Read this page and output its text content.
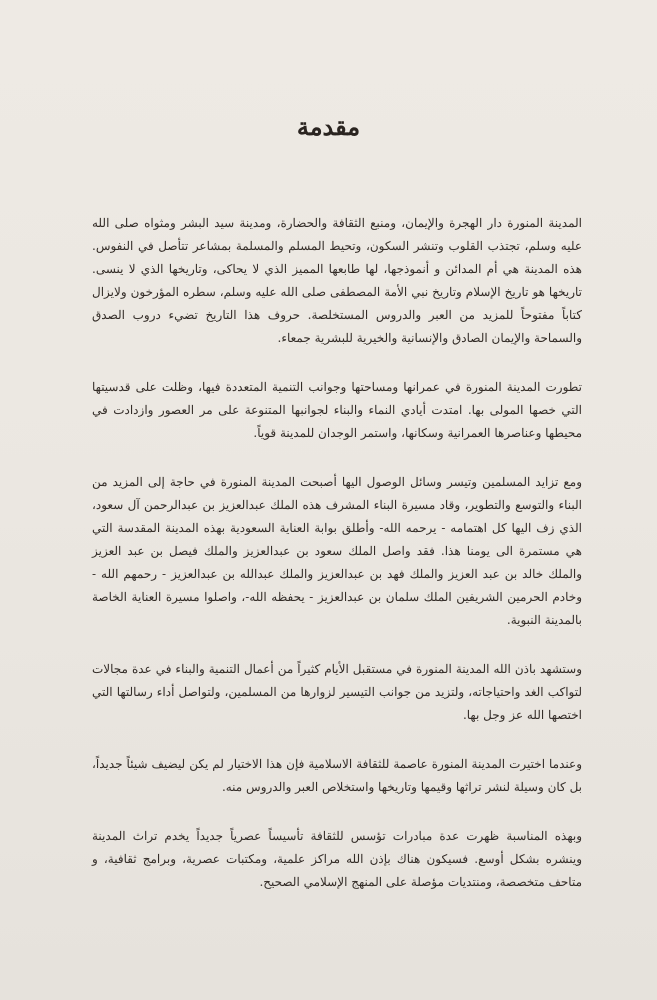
مقدمة

المدينة المنورة دار الهجرة والإيمان، ومنبع الثقافة والحضارة، ومدينة سيد البشر ومثواه صلى الله عليه وسلم، تجتذب القلوب وتنشر السكون، وتحيط المسلم والمسلمة بمشاعر تتأصل في النفوس. هذه المدينة هي أم المدائن و أنموذجها، لها طابعها المميز الذي لا يحاكى، وتاريخها الذي لا ينسى. تاريخها هو تاريخ الإسلام وتاريخ نبي الأمة المصطفى صلى الله عليه وسلم، سطره المؤرخون ولايزال كتاباً مفتوحاً للمزيد من العبر والدروس المستخلصة. حروف هذا التاريخ تضيء دروب الصدق والسماحة والإيمان الصادق والإنسانية والخيرية للبشرية جمعاء.

تطورت المدينة المنورة في عمرانها ومساحتها وجوانب التنمية المتعددة فيها، وظلت على قدسيتها التي خصها المولى بها. امتدت أيادي النماء والبناء لجوانبها المتنوعة على مر العصور وازدادت في محيطها وعناصرها العمرانية وسكانها، واستمر الوجدان للمدينة قوياً.

ومع تزايد المسلمين وتيسر وسائل الوصول اليها أصبحت المدينة المنورة في حاجة إلى المزيد من البناء والتوسع والتطوير، وقاد مسيرة البناء المشرف هذه الملك عبدالعزيز بن عبدالرحمن آل سعود، الذي زف اليها كل اهتمامه - يرحمه الله- وأطلق بوابة العناية السعودية بهذه المدينة المقدسة التي هي مستمرة الى يومنا هذا. فقد واصل الملك سعود بن عبدالعزيز والملك فيصل بن عبد العزيز والملك خالد بن عبد العزيز والملك فهد بن عبدالعزيز والملك عبدالله بن عبدالعزيز - رحمهم الله - وخادم الحرمين الشريفين الملك سلمان بن عبدالعزيز - يحفظه الله-، واصلوا مسيرة العناية الخاصة بالمدينة النبوية.

وستشهد باذن الله المدينة المنورة في مستقبل الأيام كثيراً من أعمال التنمية والبناء في عدة مجالات لتواكب الغد واحتياجاته، ولتزيد من جوانب التيسير لزوارها من المسلمين، ولتواصل أداء رسالتها التي اختصها الله عز وجل بها.

وعندما اختيرت المدينة المنورة عاصمة للثقافة الاسلامية فإن هذا الاختيار لم يكن ليضيف شيئاً جديداً، بل كان وسيلة لنشر تراثها وقيمها وتاريخها واستخلاص العبر والدروس منه.

وبهذه المناسبة ظهرت عدة مبادرات تؤسس للثقافة تأسيساً عصرياً جديداً يخدم تراث المدينة وينشره بشكل أوسع. فسيكون هناك بإذن الله مراكز علمية، ومكتبات عصرية، وبرامج ثقافية، و متاحف متخصصة، ومنتديات مؤصلة على المنهج الإسلامي الصحيح.
